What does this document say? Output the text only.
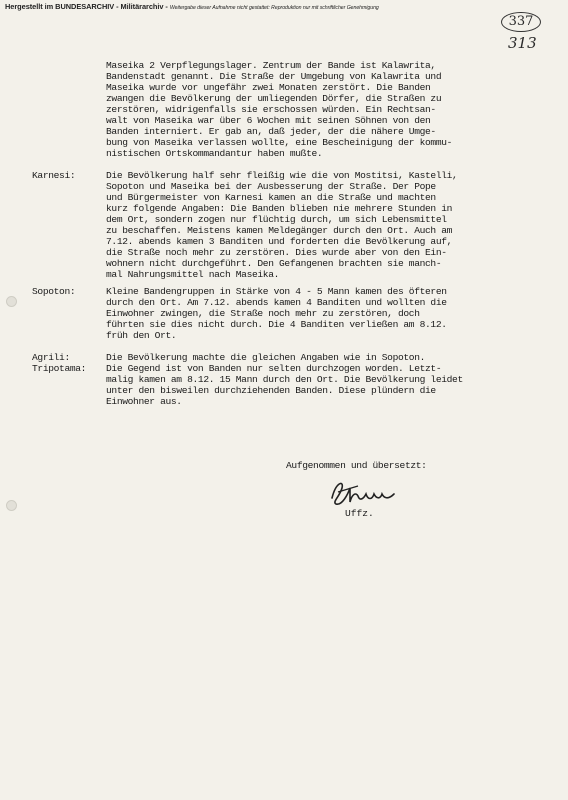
Hergestellt im BUNDESARCHIV - Militärarchiv - Weitergabe dieser Aufnahme nicht gestattet: Reproduktion nur mit schriftlicher Genehmigung
337
313
Maseika 2 Verpflegungslager. Zentrum der Bande ist Kalawrita,
Bandenstadt genannt. Die Straße der Umgebung von Kalawrita und
Maseika wurde vor ungefähr zwei Monaten zerstört. Die Banden
zwangen die Bevölkerung der umliegenden Dörfer, die Straßen zu
zerstören, widrigenfalls sie erschossen würden. Ein Rechtsan-
walt von Maseika war über 6 Wochen mit seinen Söhnen von den
Banden interniert. Er gab an, daß jeder, der die nähere Umge-
bung von Maseika verlassen wollte, eine Bescheinigung der kommu-
nistischen Ortskommandantur haben mußte.
Karnesi:	Die Bevölkerung half sehr fleißig wie die von Mostitsi, Kastelli,
Sopoton und Maseika bei der Ausbesserung der Straße. Der Pope
und Bürgermeister von Karnesi kamen an die Straße und machten
kurz folgende Angaben: Die Banden blieben nie mehrere Stunden in
dem Ort, sondern zogen nur flüchtig durch, um sich Lebensmittel
zu beschaffen. Meistens kamen Meldegänger durch den Ort. Auch am
7.12. abends kamen 3 Banditen und forderten die Bevölkerung auf,
die Straße noch mehr zu zerstören. Dies wurde aber von den Ein-
wohnern nicht durchgeführt. Den Gefangenen brachten sie manch-
mal Nahrungsmittel nach Maseika.
Sopoton:	Kleine Bandengruppen in Stärke von 4 - 5 Mann kamen des öfteren
durch den Ort. Am 7.12. abends kamen 4 Banditen und wollten die
Einwohner zwingen, die Straße noch mehr zu zerstören, doch
führten sie dies nicht durch. Die 4 Banditen verließen am 8.12.
früh den Ort.
Agrili:	Die Bevölkerung machte die gleichen Angaben wie in Sopoton.
Tripotama: Die Gegend ist von Banden nur selten durchzogen worden. Letzt-
malig kamen am 8.12. 15 Mann durch den Ort. Die Bevölkerung leidet
unter den bisweilen durchziehenden Banden. Diese plündern die
Einwohner aus.
Aufgenommen und übersetzt:
Uffz.
